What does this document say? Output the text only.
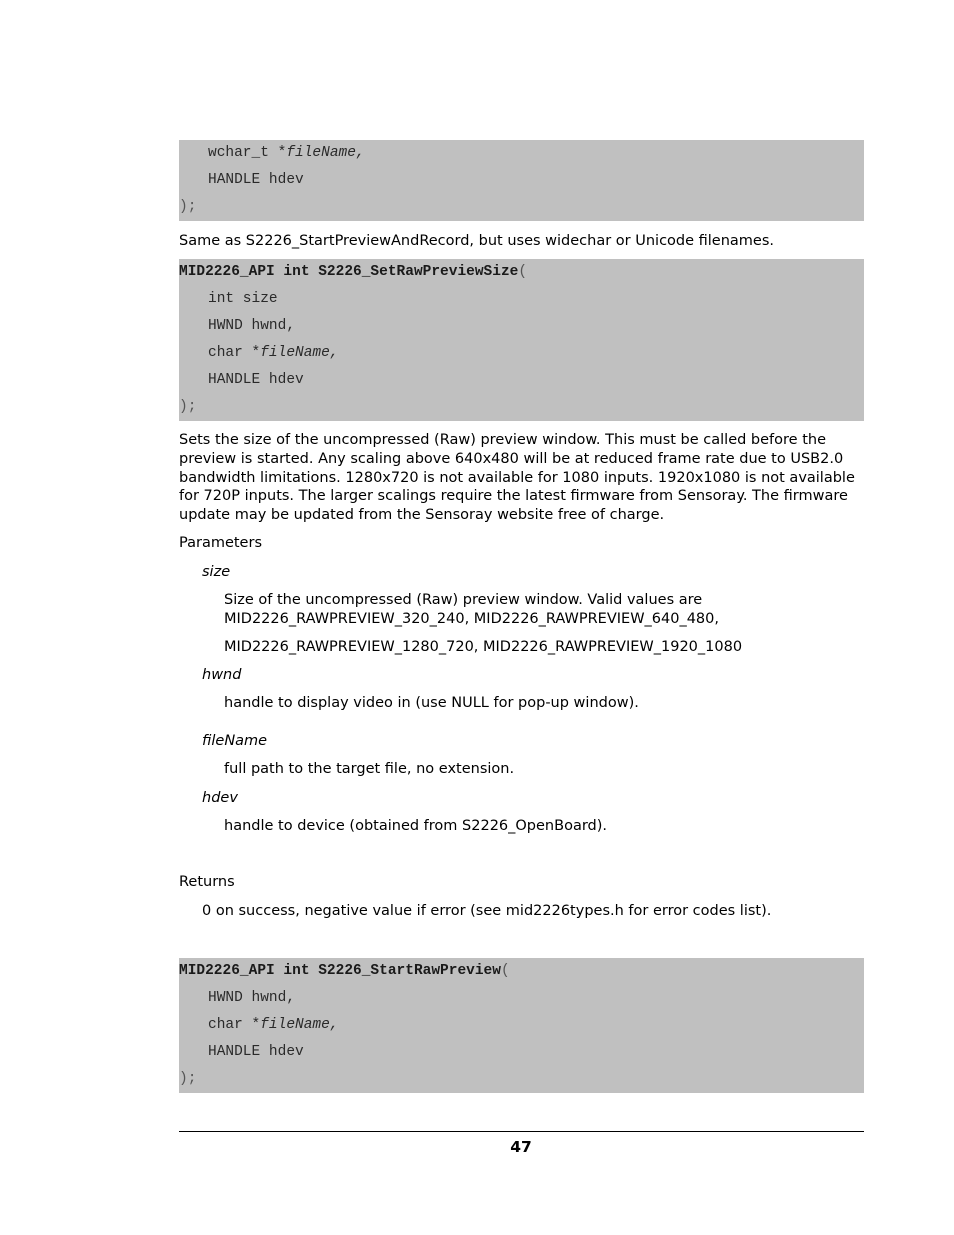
wchar_t *fileName,
HANDLE hdev
);
Same as S2226_StartPreviewAndRecord, but uses widechar or Unicode filenames.
MID2226_API int S2226_SetRawPreviewSize(
int size
HWND hwnd,
char *fileName,
HANDLE hdev
);
Sets the size of the uncompressed (Raw) preview window. This must be called before the preview is started. Any scaling above 640x480 will be at reduced frame rate due to USB2.0 bandwidth limitations. 1280x720 is not available for 1080 inputs. 1920x1080 is not available for 720P inputs. The larger scalings require the latest firmware from Sensoray. The firmware update may be updated from the Sensoray website free of charge.
Parameters
size
Size of the uncompressed (Raw) preview window. Valid values are
MID2226_RAWPREVIEW_320_240, MID2226_RAWPREVIEW_640_480,
MID2226_RAWPREVIEW_1280_720, MID2226_RAWPREVIEW_1920_1080
hwnd
handle to display video in (use NULL for pop-up window).
fileName
full path to the target file, no extension.
hdev
handle to device (obtained from S2226_OpenBoard).
Returns
0 on success, negative value if error (see mid2226types.h for error codes list).
MID2226_API int S2226_StartRawPreview(
HWND hwnd,
char *fileName,
HANDLE hdev
);
47
